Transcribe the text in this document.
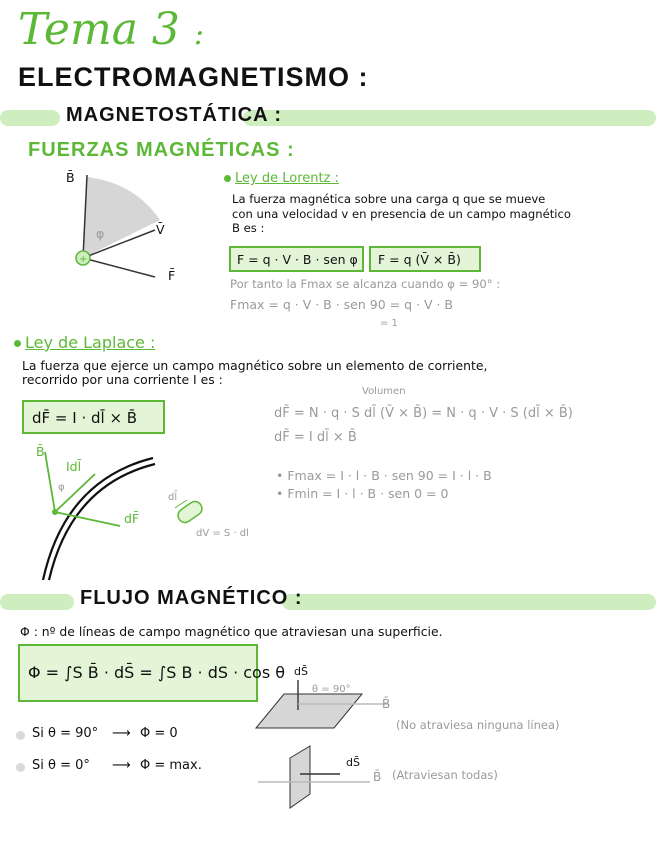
Tema 3 :
ELECTROMAGNETISMO :
MAGNETOSTÁTICA :
FUERZAS MAGNÉTICAS :
+
B̄
V̄
F̄
φ
Ley de Lorentz :
La fuerza magnética sobre una carga q que se mueve
con una velocidad v en presencia de un campo magnético
B es :
F = q · V · B · sen φ F = q (V̄ × B̄)
Por tanto la Fmax se alcanza cuando φ = 90° :
Fmax = q · V · B · sen 90 = q · V · B
= 1
Ley de Laplace :
La fuerza que ejerce un campo magnético sobre un elemento de corriente,
recorrido por una corriente I es :
dF̄ = I · dl̄ × B̄
Volumen
dF̄ = N · q · S dl̄ (V̄ × B̄) = N · q · V · S (dl̄ × B̄)
dF̄ = I dl̄ × B̄
• Fmax = I · l · B · sen 90 = I · l · B
• Fmin = I · l · B · sen 0 = 0
B̄
Idl̄
dF̄
dl̄
dV = S · dl
φ
FLUJO MAGNÉTICO :
Φ : nº de líneas de campo magnético que atraviesan una superficie.
Φ = ∫S B̄ · dS̄ = ∫S B · dS · cos θ
Si θ = 90° ⟶ Φ = 0
Si θ = 0° ⟶ Φ = max.
dS̄
θ = 90°
B̄
(No atraviesa ninguna línea)
dS̄
B̄ (Atraviesan todas)
